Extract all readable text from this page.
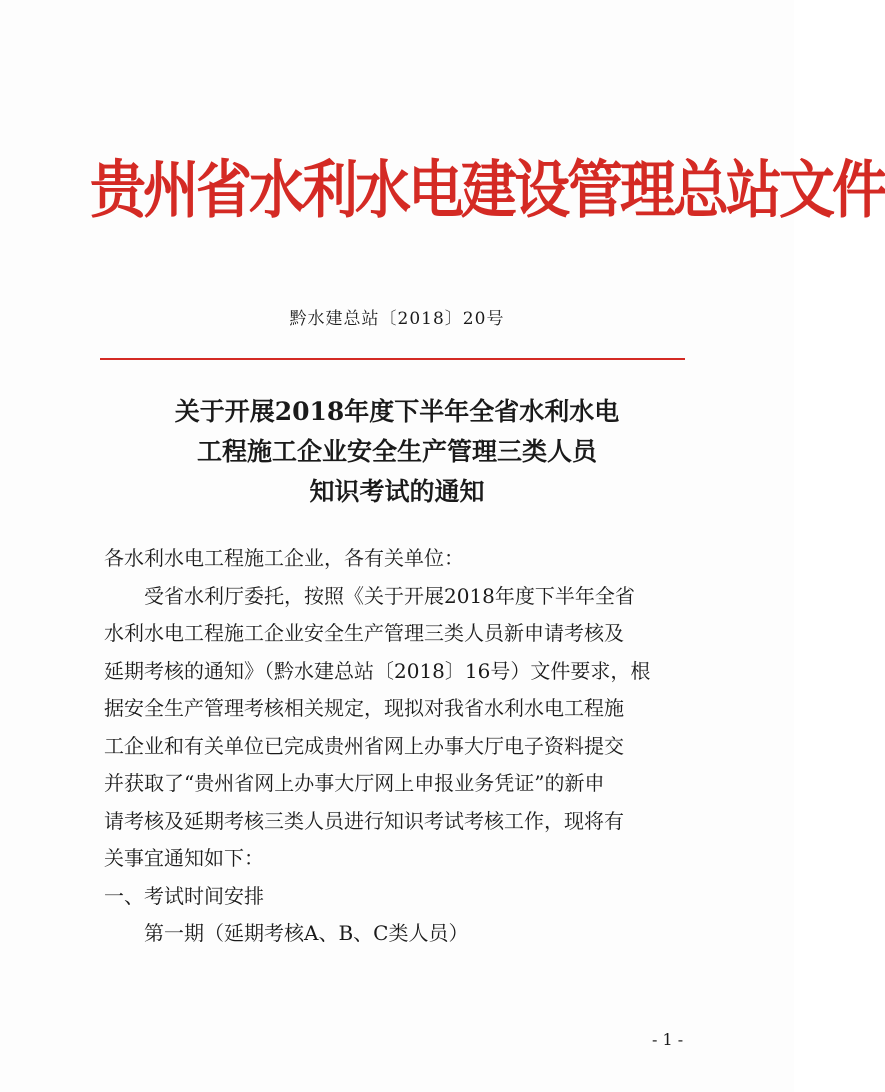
贵州省水利水电建设管理总站文件
黔水建总站〔2018〕20号
关于开展2018年度下半年全省水利水电
工程施工企业安全生产管理三类人员
知识考试的通知

各水利水电工程施工企业，各有关单位：

受省水利厅委托，按照《关于开展2018年度下半年全省

水利水电工程施工企业安全生产管理三类人员新申请考核及

延期考核的通知》（黔水建总站〔2018〕16号）文件要求，根

据安全生产管理考核相关规定，现拟对我省水利水电工程施

工企业和有关单位已完成贵州省网上办事大厅电子资料提交

并获取了“贵州省网上办事大厅网上申报业务凭证”的新申

请考核及延期考核三类人员进行知识考试考核工作，现将有

关事宜通知如下：

一、考试时间安排

第一期（延期考核A、B、C类人员）

- 1 -
